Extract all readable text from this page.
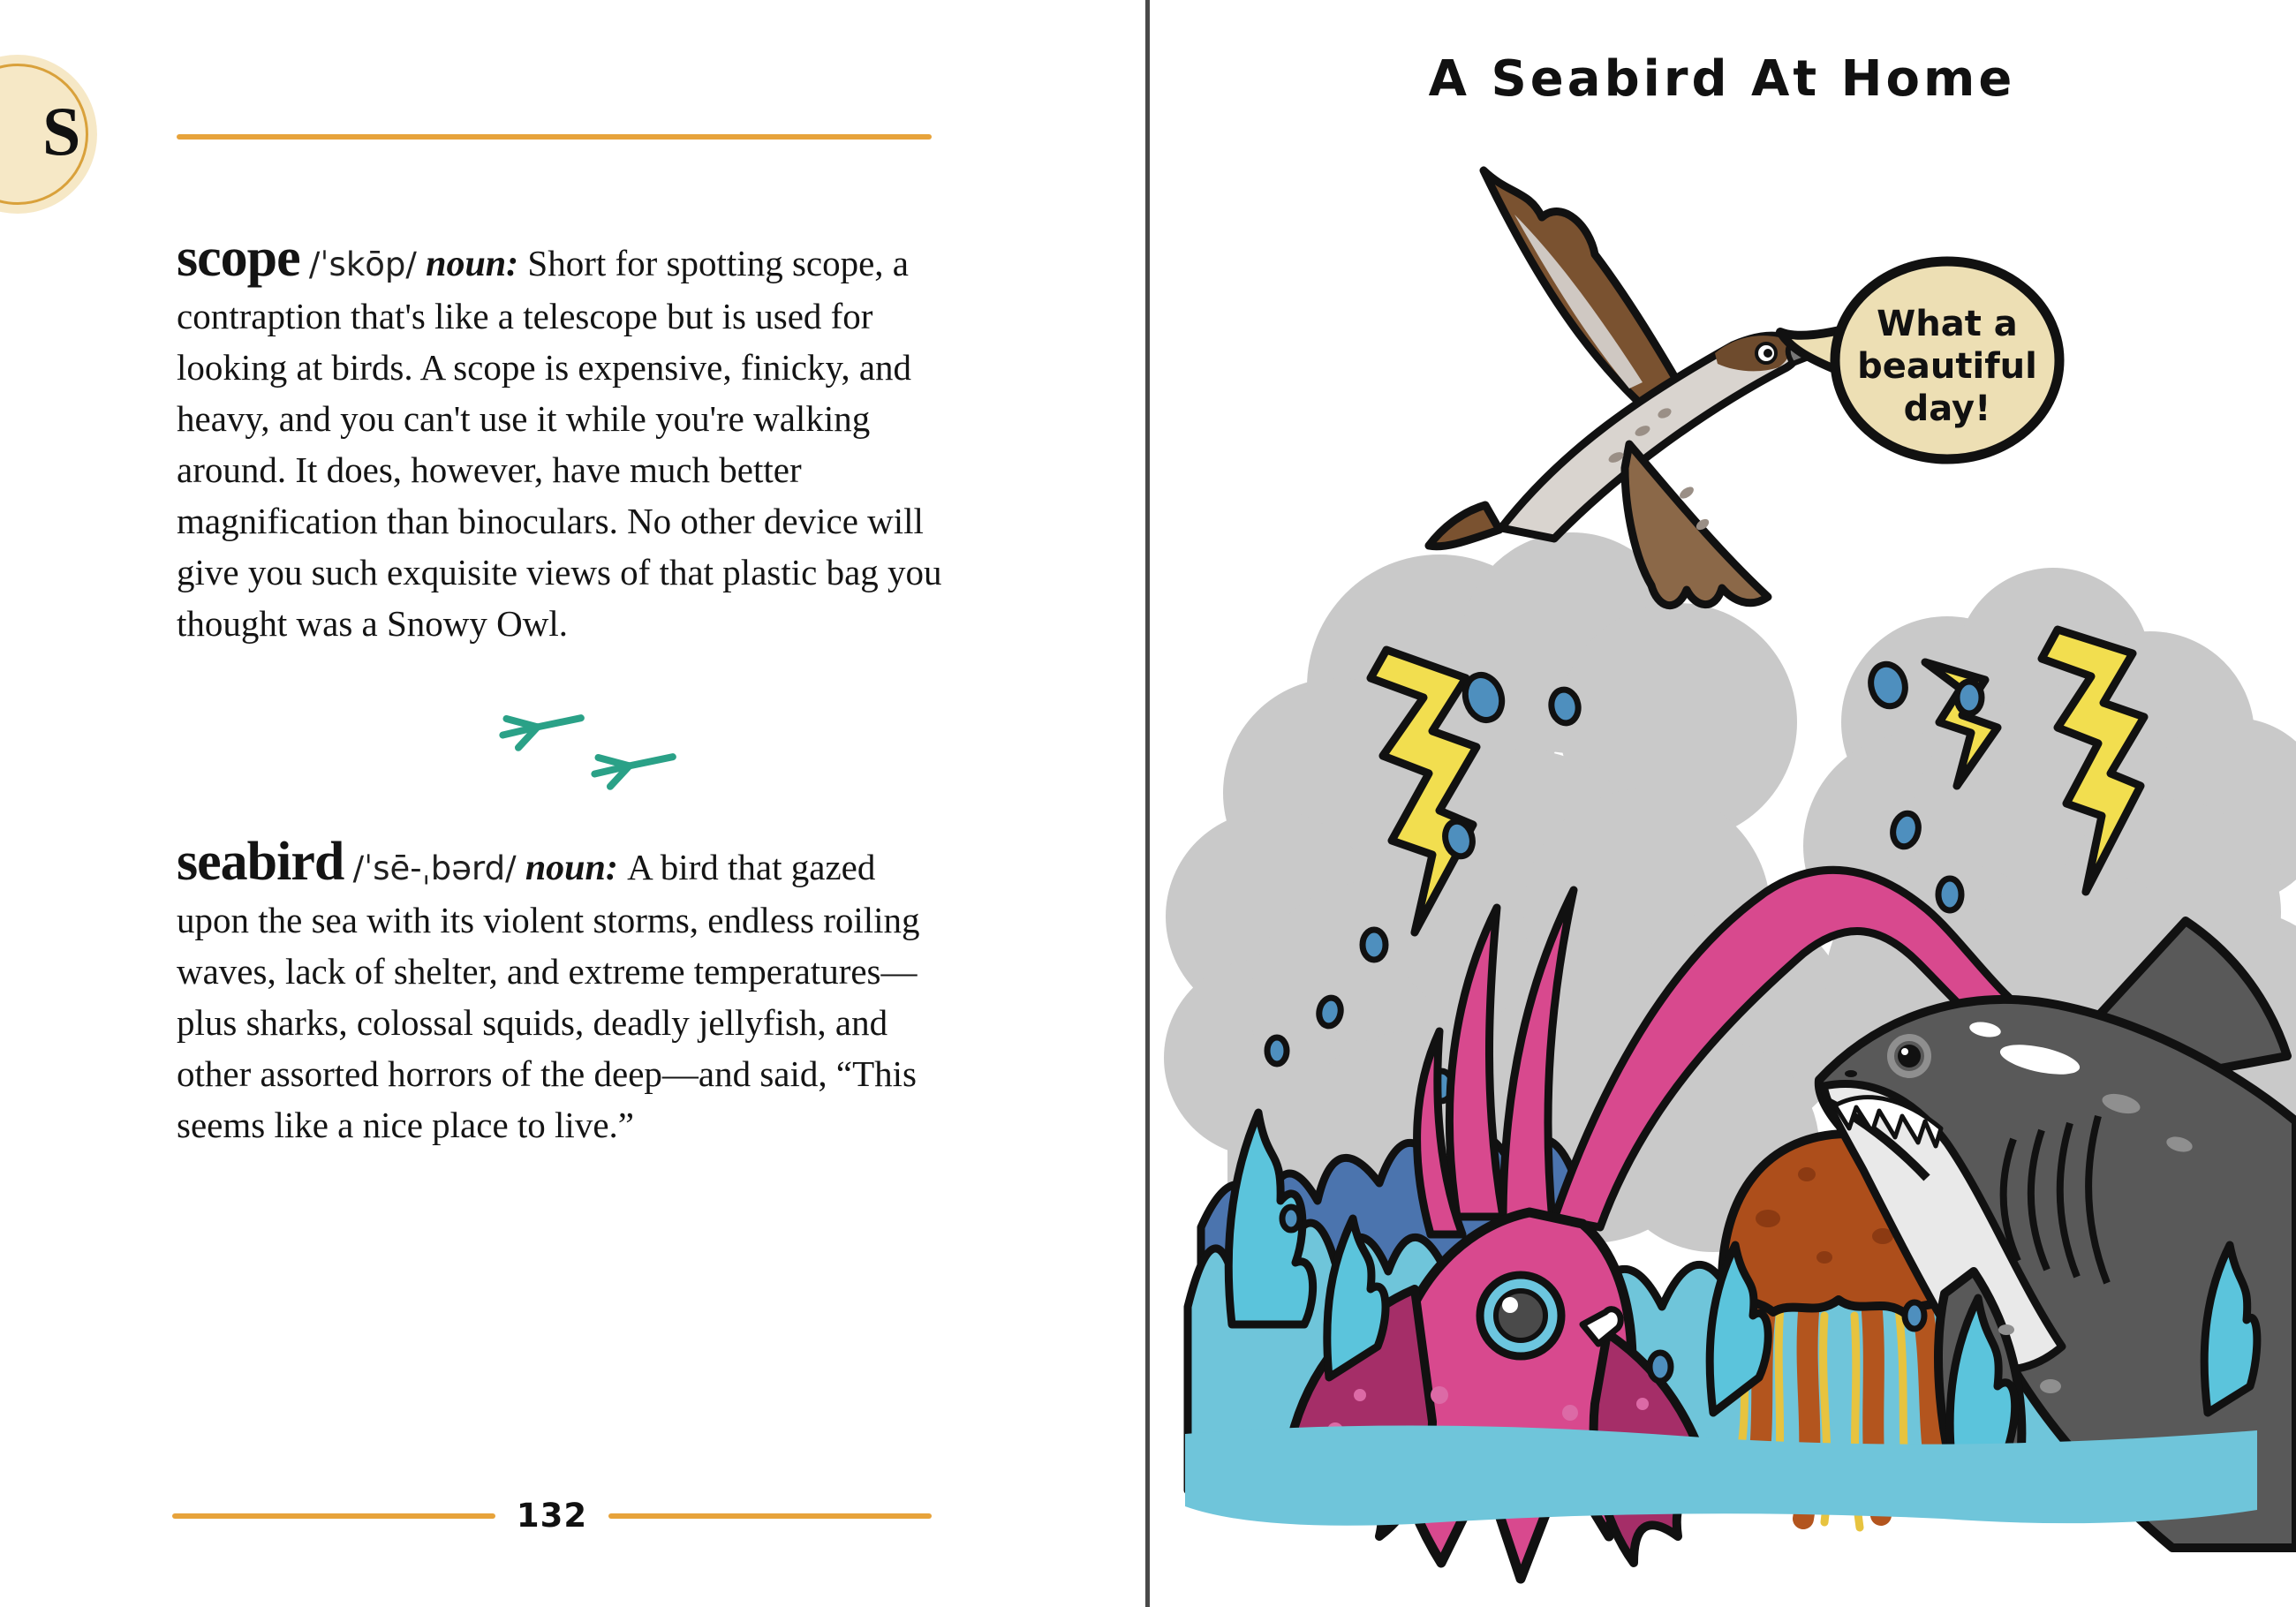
S

scope /ˈskōp/ noun: Short for spotting scope, a contraption that's like a telescope but is used for looking at birds. A scope is expensive, finicky, and heavy, and you can't use it while you're walking around. It does, however, have much better magnification than binoculars. No other device will give you such exquisite views of that plastic bag you thought was a Snowy Owl.

seabird /ˈsē-ˌbərd/ noun: A bird that gazed upon the sea with its violent storms, endless roiling waves, lack of shelter, and extreme temperatures—plus sharks, colossal squids, deadly jellyfish, and other assorted horrors of the deep—and said, “This seems like a nice place to live.”

132
A Seabird At Home
What a
beautiful
day!
